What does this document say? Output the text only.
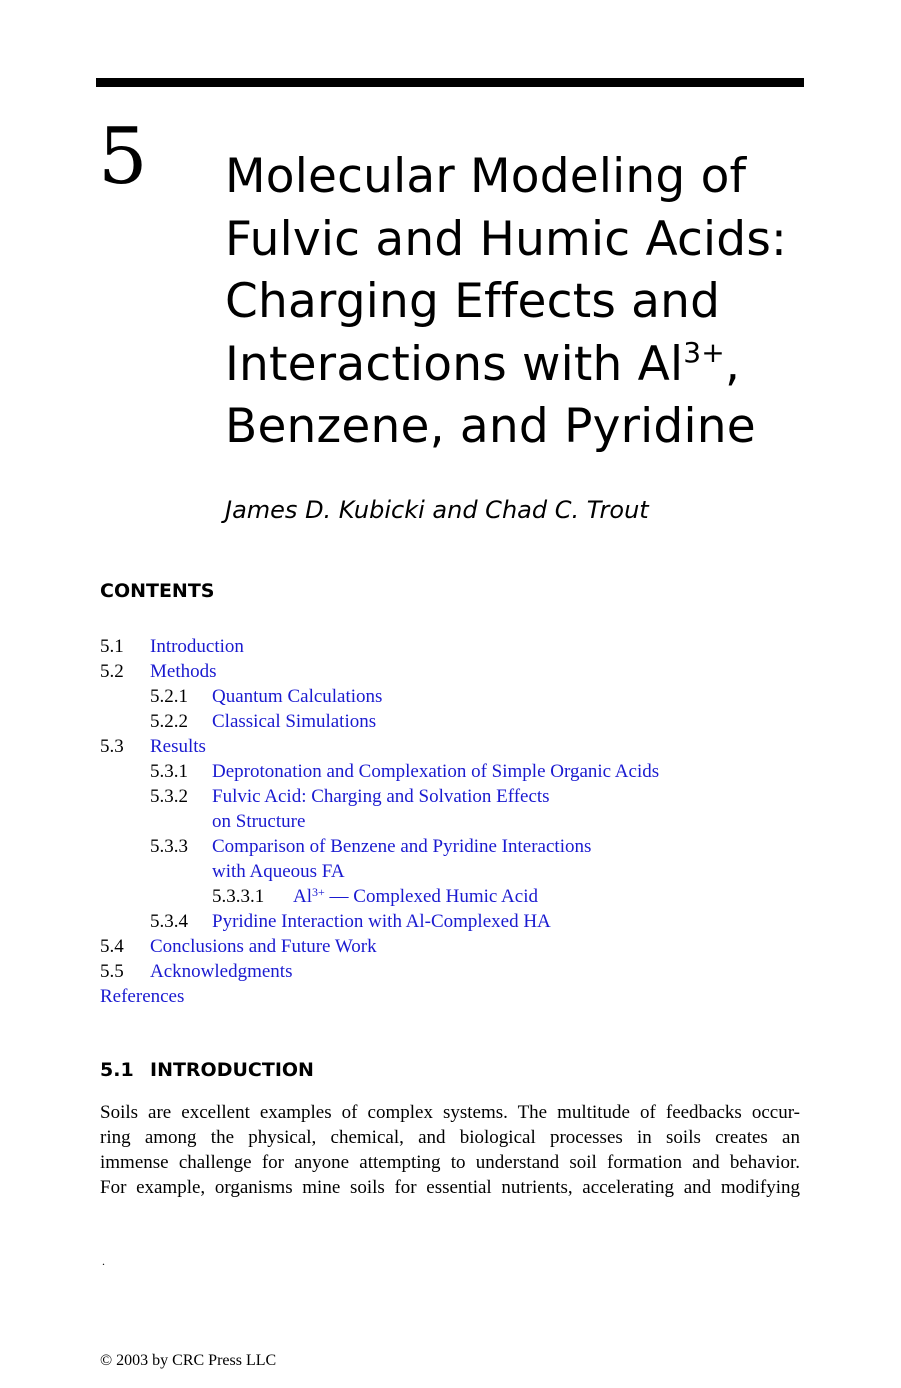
5 Molecular Modeling of
Fulvic and Humic Acids:
Charging Effects and
Interactions with $Al^{3+}$,
Benzene, and Pyridine
James D. Kubicki and Chad C. Trout
CONTENTS
5.1 Introduction
5.2 Methods
5.2.1 Quantum Calculations
5.2.2 Classical Simulations
5.3 Results
5.3.1 Deprotonation and Complexation of Simple Organic Acids
5.3.2 Fulvic Acid: Charging and Solvation Effects
on Structure
5.3.3 Comparison of Benzene and Pyridine Interactions
with Aqueous FA
5.3.3.1 $Al^{3+}$ — Complexed Humic Acid
5.3.4 Pyridine Interaction with Al-Complexed HA
5.4 Conclusions and Future Work
5.5 Acknowledgments
References
5.1 INTRODUCTION
Soils are excellent examples of complex systems. The multitude of feedbacks occur-
ring among the physical, chemical, and biological processes in soils creates an
immense challenge for anyone attempting to understand soil formation and behavior.
For example, organisms mine soils for essential nutrients, accelerating and modifying
.
© 2003 by CRC Press LLC
